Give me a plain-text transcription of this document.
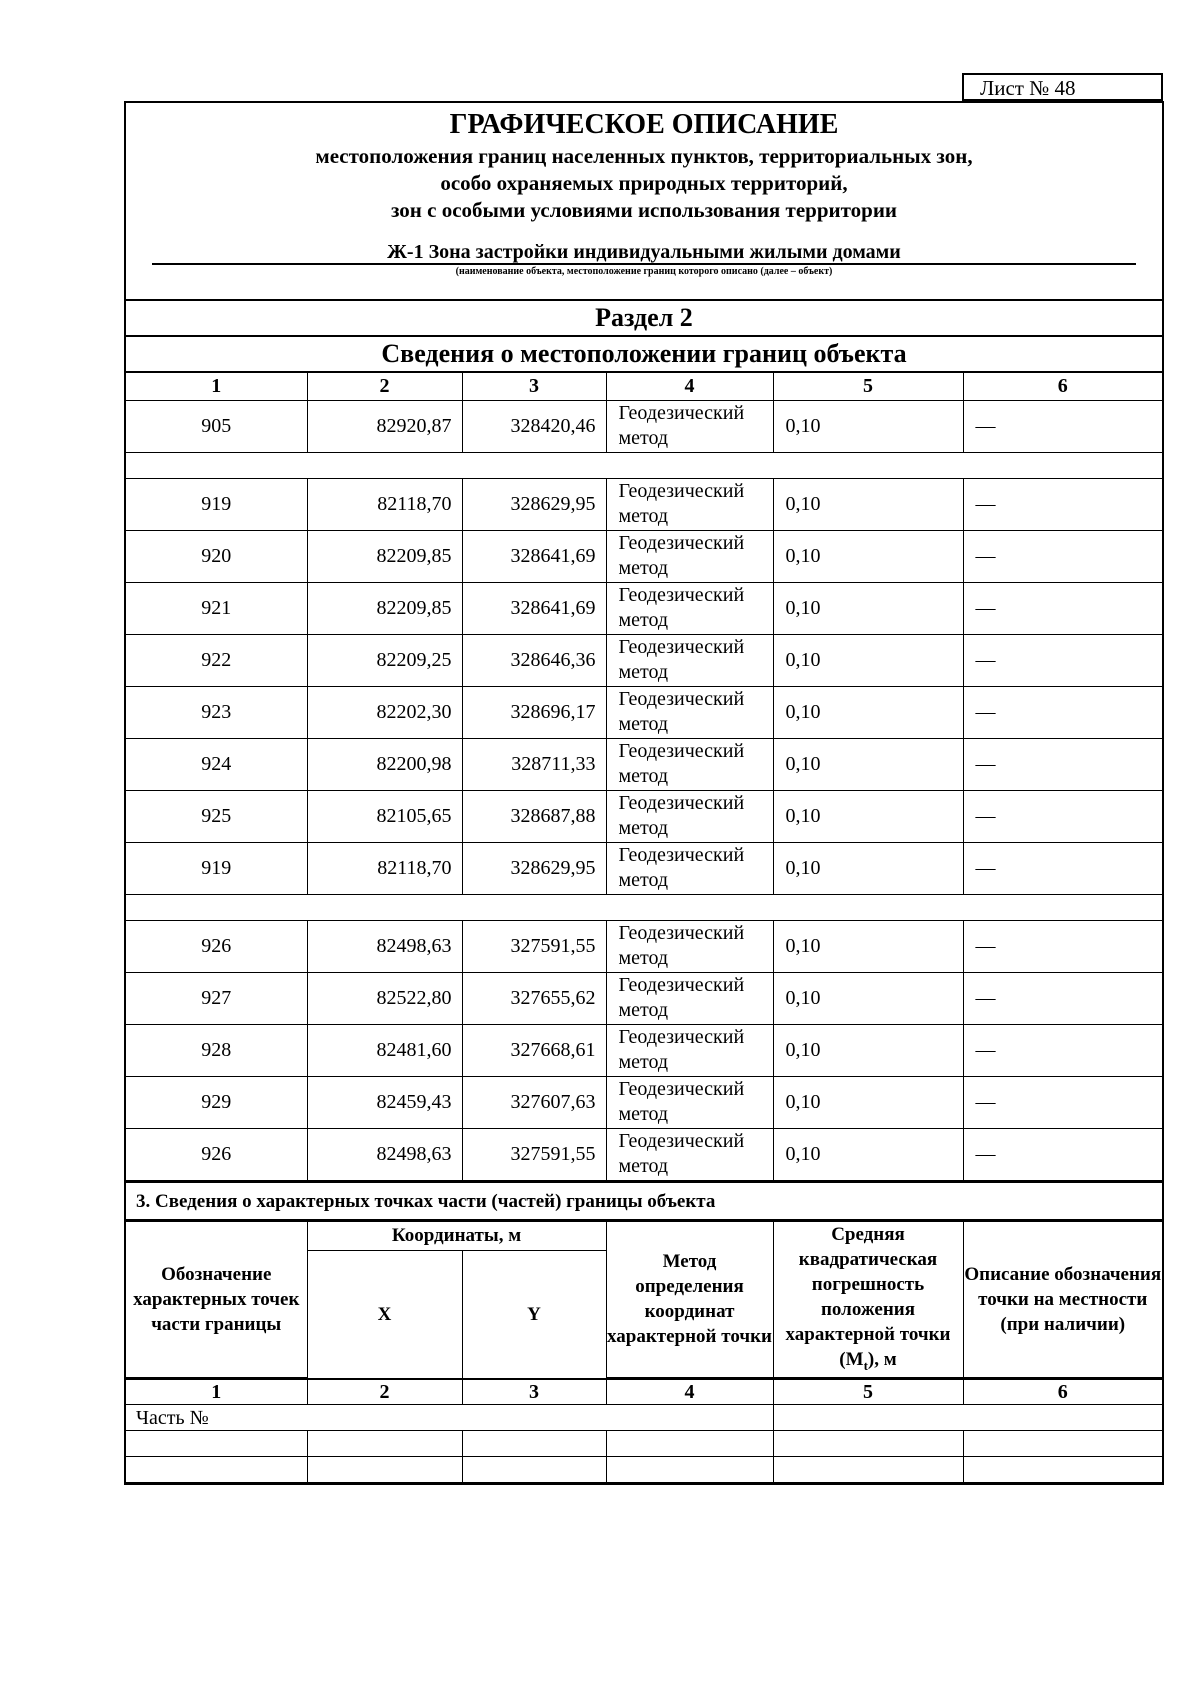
Лист № 48
ГРАФИЧЕСКОЕ ОПИСАНИЕ
местоположения границ населенных пунктов, территориальных зон,
особо охраняемых природных территорий,
зон с особыми условиями использования территории
Ж-1 Зона застройки индивидуальными жилыми домами
(наименование объекта, местоположение границ которого описано (далее – объект)
Раздел 2
Сведения о местоположении границ объекта
1	2	3	4	5	6
905	82920,87	328420,46	Геодезический
метод	0,10	—

919	82118,70	328629,95	Геодезический
метод	0,10	—
920	82209,85	328641,69	Геодезический
метод	0,10	—
921	82209,85	328641,69	Геодезический
метод	0,10	—
922	82209,25	328646,36	Геодезический
метод	0,10	—
923	82202,30	328696,17	Геодезический
метод	0,10	—
924	82200,98	328711,33	Геодезический
метод	0,10	—
925	82105,65	328687,88	Геодезический
метод	0,10	—
919	82118,70	328629,95	Геодезический
метод	0,10	—

926	82498,63	327591,55	Геодезический
метод	0,10	—
927	82522,80	327655,62	Геодезический
метод	0,10	—
928	82481,60	327668,61	Геодезический
метод	0,10	—
929	82459,43	327607,63	Геодезический
метод	0,10	—
926	82498,63	327591,55	Геодезический
метод	0,10	—
3. Сведения о характерных точках части (частей) границы объекта
Обозначение характерных точек части границы	Координаты, м		Метод определения координат характерной точки	Средняя квадратическая погрешность положения характерной точки $(M_t)$, м	Описание обозначения точки на местности (при наличии)
	X	Y			
1	2	3	4	5	6
Часть №					
